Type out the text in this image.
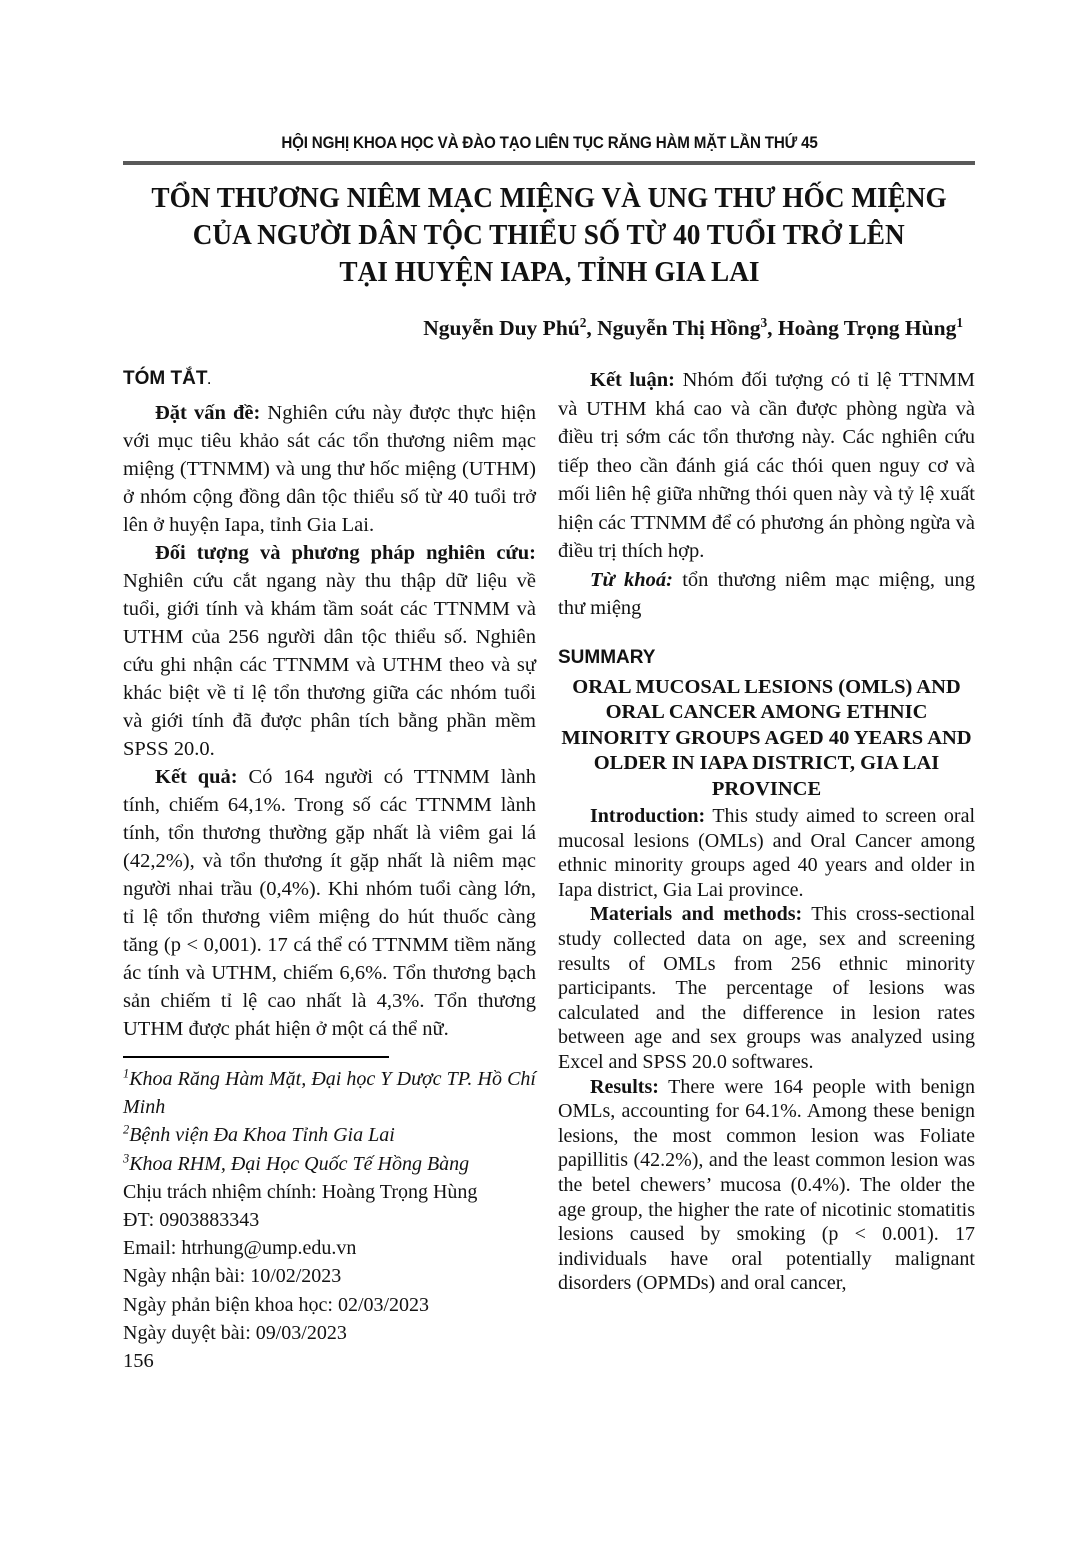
HỘI NGHỊ KHOA HỌC VÀ ĐÀO TẠO LIÊN TỤC RĂNG HÀM MẶT LẦN THỨ 45
TỔN THƯƠNG NIÊM MẠC MIỆNG VÀ UNG THƯ HỐC MIỆNG
CỦA NGƯỜI DÂN TỘC THIỂU SỐ TỪ 40 TUỔI TRỞ LÊN
TẠI HUYỆN IAPA, TỈNH GIA LAI
Nguyễn Duy Phú$^2$, Nguyễn Thị Hồng$^3$, Hoàng Trọng Hùng$^1$
TÓM TẮT.

Đặt vấn đề: Nghiên cứu này được thực hiện với mục tiêu khảo sát các tổn thương niêm mạc miệng (TTNMM) và ung thư hốc miệng (UTHM) ở nhóm cộng đồng dân tộc thiểu số từ 40 tuổi trở lên ở huyện Iapa, tỉnh Gia Lai.

Đối tượng và phương pháp nghiên cứu: Nghiên cứu cắt ngang này thu thập dữ liệu về tuổi, giới tính và khám tầm soát các TTNMM và UTHM của 256 người dân tộc thiểu số. Nghiên cứu ghi nhận các TTNMM và UTHM theo và sự khác biệt về tỉ lệ tổn thương giữa các nhóm tuổi và giới tính đã được phân tích bằng phần mềm SPSS 20.0.

Kết quả: Có 164 người có TTNMM lành tính, chiếm 64,1%. Trong số các TTNMM lành tính, tổn thương thường gặp nhất là viêm gai lá (42,2%), và tổn thương ít gặp nhất là niêm mạc người nhai trầu (0,4%). Khi nhóm tuổi càng lớn, tỉ lệ tổn thương viêm miệng do hút thuốc càng tăng (p < 0,001). 17 cá thể có TTNMM tiềm năng ác tính và UTHM, chiếm 6,6%. Tổn thương bạch sản chiếm tỉ lệ cao nhất là 4,3%. Tổn thương UTHM được phát hiện ở một cá thể nữ.

$^1$Khoa Răng Hàm Mặt, Đại học Y Dược TP. Hồ Chí Minh

$^2$Bệnh viện Đa Khoa Tỉnh Gia Lai

$^3$Khoa RHM, Đại Học Quốc Tế Hồng Bàng

Chịu trách nhiệm chính: Hoàng Trọng Hùng

ĐT: 0903883343

Email: htrhung@ump.edu.vn

Ngày nhận bài: 10/02/2023

Ngày phản biện khoa học: 02/03/2023

Ngày duyệt bài: 09/03/2023

Kết luận: Nhóm đối tượng có tỉ lệ TTNMM và UTHM khá cao và cần được phòng ngừa và điều trị sớm các tổn thương này. Các nghiên cứu tiếp theo cần đánh giá các thói quen nguy cơ và mối liên hệ giữa những thói quen này và tỷ lệ xuất hiện các TTNMM để có phương án phòng ngừa và điều trị thích hợp.

Từ khoá: tổn thương niêm mạc miệng, ung thư miệng

SUMMARY
ORAL MUCOSAL LESIONS (OMLS) AND ORAL CANCER AMONG ETHNIC MINORITY GROUPS AGED 40 YEARS AND OLDER IN IAPA DISTRICT, GIA LAI PROVINCE

Introduction: This study aimed to screen oral mucosal lesions (OMLs) and Oral Cancer among ethnic minority groups aged 40 years and older in Iapa district, Gia Lai province.

Materials and methods: This cross-sectional study collected data on age, sex and screening results of OMLs from 256 ethnic minority participants. The percentage of lesions was calculated and the difference in lesion rates between age and sex groups was analyzed using Excel and SPSS 20.0 softwares.

Results: There were 164 people with benign OMLs, accounting for 64.1%. Among these benign lesions, the most common lesion was Foliate papillitis (42.2%), and the least common lesion was the betel chewers’ mucosa (0.4%). The older the age group, the higher the rate of nicotinic stomatitis lesions caused by smoking (p < 0.001). 17 individuals have oral potentially malignant disorders (OPMDs) and oral cancer,

156
